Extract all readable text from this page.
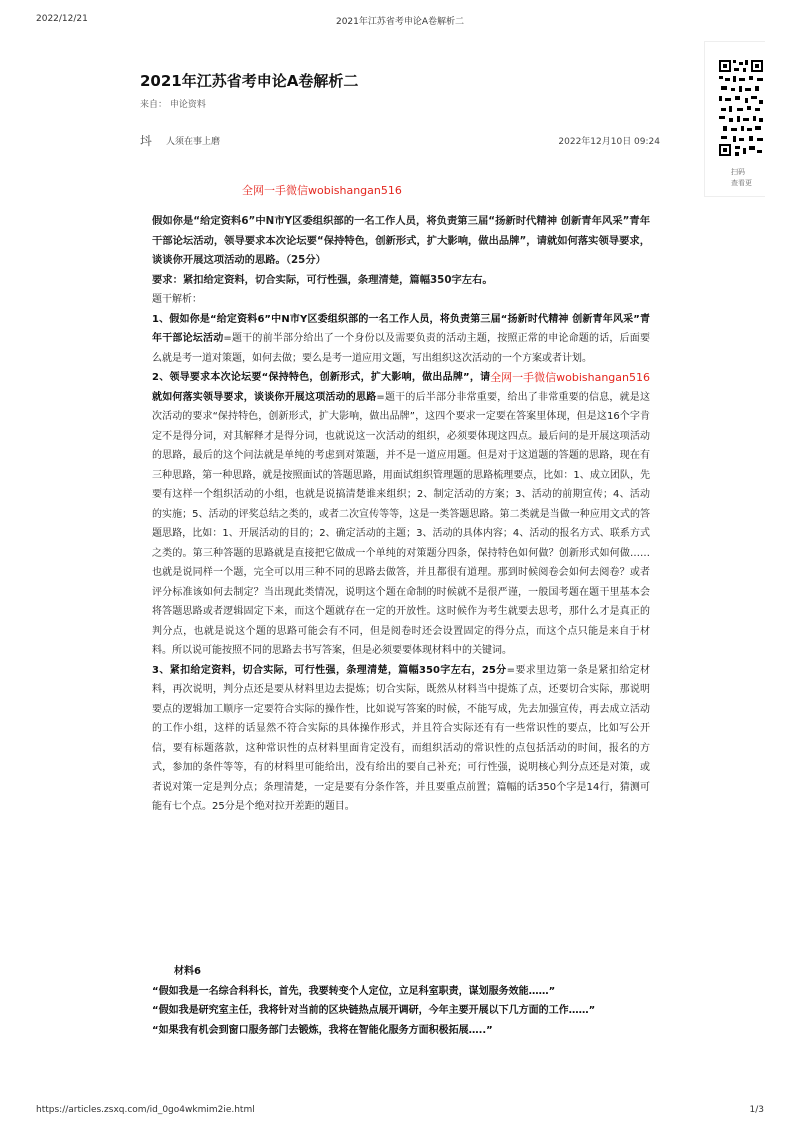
2022/12/21	2021年江苏省考申论A卷解析二
2021年江苏省考申论A卷解析二
来自： 申论资料
㘰 人须在事上磨	2022年12月10日 09:24
扫码
查看更
全网一手微信wobishangan516

假如你是“给定资料6”中N市Y区委组织部的一名工作人员，将负责第三届“扬新时代精神 创新青年风采”青年干部论坛活动，领导要求本次论坛要“保持特色，创新形式，扩大影响，做出品牌”，请就如何落实领导要求，谈谈你开展这项活动的思路。（25分）

要求：紧扣给定资料，切合实际，可行性强，条理清楚，篇幅350字左右。

题干解析：

1、假如你是“给定资料6”中N市Y区委组织部的一名工作人员，将负责第三届“扬新时代精神 创新青年风采”青年干部论坛活动=题干的前半部分给出了一个身份以及需要负责的活动主题，按照正常的申论命题的话，后面要么就是考一道对策题，如何去做；要么是考一道应用文题，写出组织这次活动的一个方案或者计划。
全网一手微信wobishangan516

2、领导要求本次论坛要“保持特色，创新形式，扩大影响，做出品牌”，请就如何落实领导要求，谈谈你开展这项活动的思路=题干的后半部分非常重要，给出了非常重要的信息，就是这次活动的要求“保持特色，创新形式，扩大影响，做出品牌”，这四个要求一定要在答案里体现，但是这16个字肯定不是得分词，对其解释才是得分词，也就说这一次活动的组织，必须要体现这四点。最后问的是开展这项活动的思路，最后的这个问法就是单纯的考虑到对策题，并不是一道应用题。但是对于这道题的答题的思路，现在有三种思路，第一种思路，就是按照面试的答题思路，用面试组织管理题的思路梳理要点，比如：1、成立团队，先要有这样一个组织活动的小组，也就是说搞清楚谁来组织；2、制定活动的方案；3、活动的前期宣传；4、活动的实施；5、活动的评奖总结之类的，或者二次宣传等等，这是一类答题思路。第二类就是当做一种应用文式的答题思路，比如：1、开展活动的目的；2、确定活动的主题；3、活动的具体内容；4、活动的报名方式、联系方式之类的。第三种答题的思路就是直接把它做成一个单纯的对策题分四条，保持特色如何做？创新形式如何做……也就是说同样一个题，完全可以用三种不同的思路去做答，并且都很有道理。那到时候阅卷会如何去阅卷？或者评分标准该如何去制定？当出现此类情况，说明这个题在命制的时候就不是很严谨，一般国考题在题干里基本会将答题思路或者逻辑固定下来，而这个题就存在一定的开放性。这时候作为考生就要去思考，那什么才是真正的判分点，也就是说这个题的思路可能会有不同，但是阅卷时还会设置固定的得分点，而这个点只能是来自于材料。所以说可能按照不同的思路去书写答案，但是必须要要体现材料中的关键词。

3、紧扣给定资料，切合实际，可行性强，条理清楚，篇幅350字左右，25分=要求里边第一条是紧扣给定材料，再次说明，判分点还是要从材料里边去提炼；切合实际，既然从材料当中提炼了点，还要切合实际，那说明要点的逻辑加工顺序一定要符合实际的操作性，比如说写答案的时候，不能写成，先去加强宣传，再去成立活动的工作小组，这样的话显然不符合实际的具体操作形式，并且符合实际还有有一些常识性的要点，比如写公开信，要有标题落款，这种常识性的点材料里面肯定没有，而组织活动的常识性的点包括活动的时间，报名的方式，参加的条件等等，有的材料里可能给出，没有给出的要自己补充；可行性强，说明核心判分点还是对策，或者说对策一定是判分点；条理清楚，一定是要有分条作答，并且要重点前置；篇幅的话350个字是14行，猜测可能有七个点。25分是个绝对拉开差距的题目。

材料6

“假如我是一名综合科科长，首先，我要转变个人定位，立足科室职责，谋划服务效能……”

“假如我是研究室主任，我将针对当前的区块链热点展开调研，今年主要开展以下几方面的工作……”

“如果我有机会到窗口服务部门去锻炼，我将在智能化服务方面积极拓展…..”

https://articles.zsxq.com/id_0go4wkmim2ie.html	1/3
